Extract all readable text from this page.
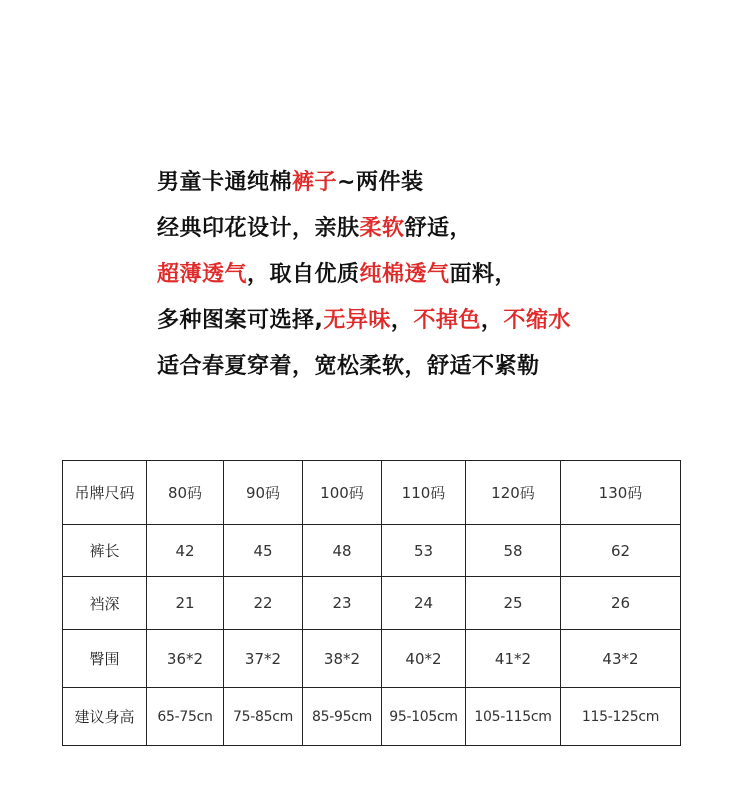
男童卡通纯棉裤子~两件装
经典印花设计，亲肤柔软舒适，
超薄透气，取自优质纯棉透气面料，
多种图案可选择,无异味，不掉色，不缩水
适合春夏穿着，宽松柔软，舒适不紧勒
吊牌尺码	80码	90码	100码	110码	120码	130码
裤长	42	45	48	53	58	62
裆深	21	22	23	24	25	26
臀围	36*2	37*2	38*2	40*2	41*2	43*2
建议身高	65-75cn	75-85cm	85-95cm	95-105cm	105-115cm	115-125cm
